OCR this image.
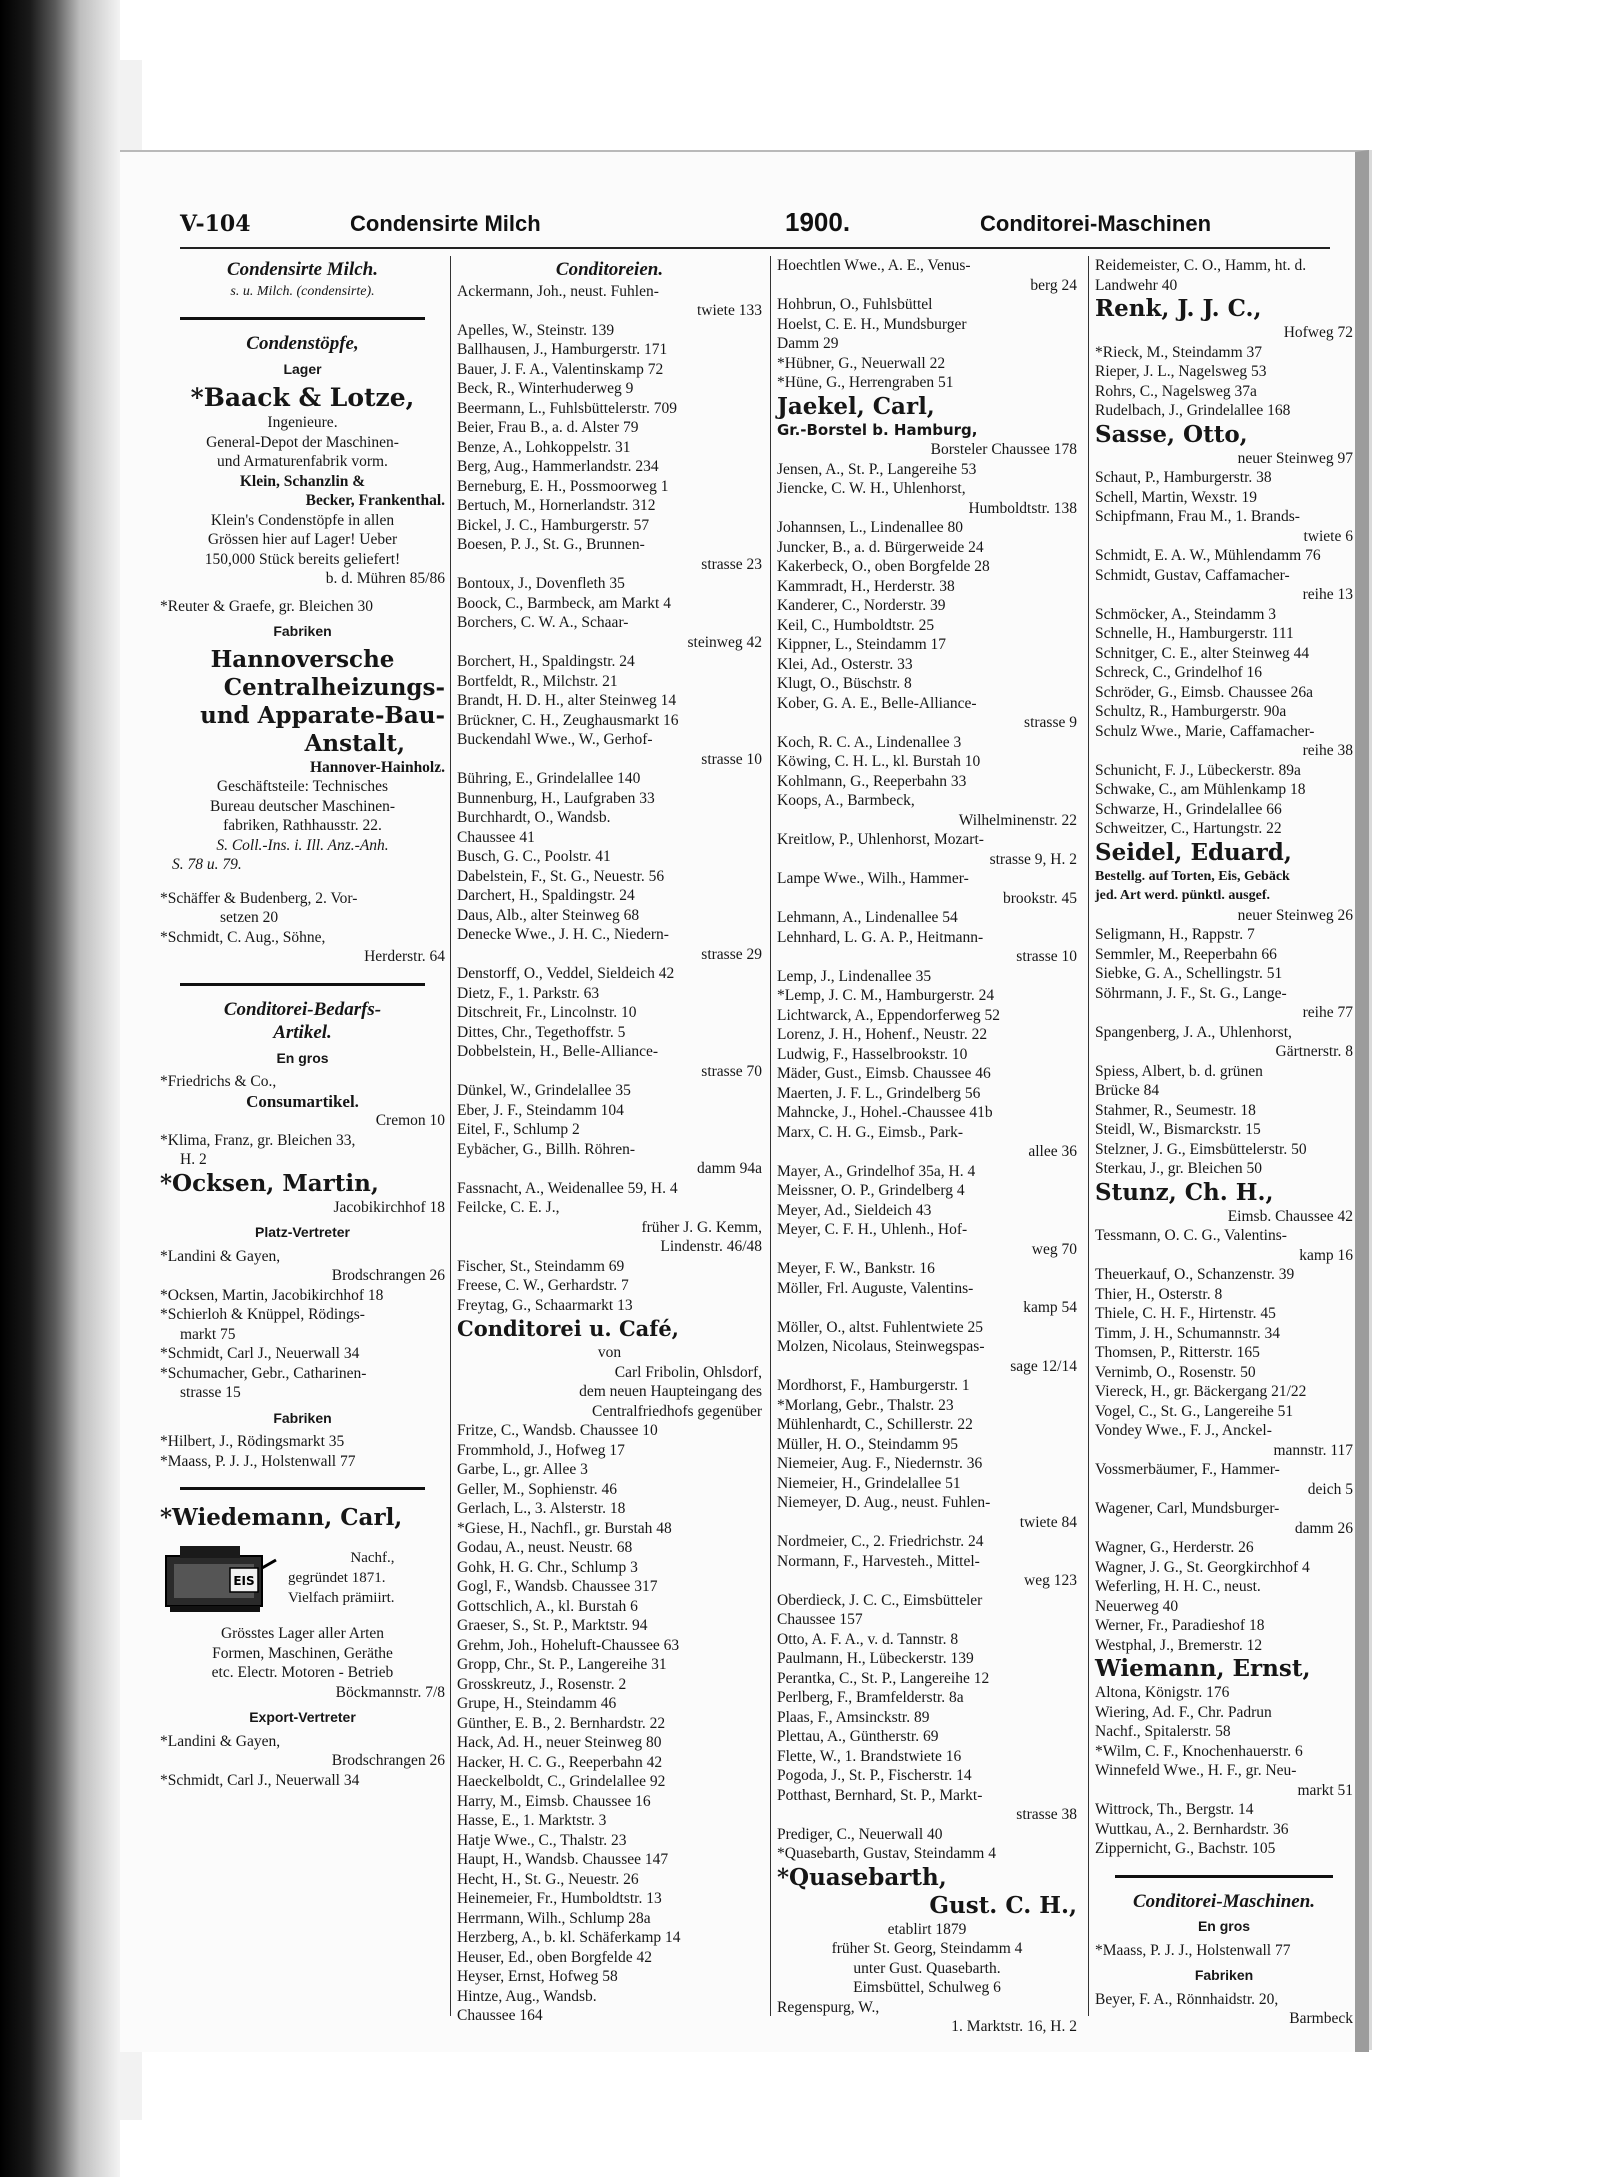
V-104	Condensirte Milch	1900.	Conditorei-Maschinen
Condensirte Milch.
s. u. Milch. (condensirte).
Condenstöpfe,
Lager
*Baack & Lotze,
Ingenieure.
General-Depot der Maschinen-
und Armaturenfabrik vorm.
Klein, Schanzlin &
Becker, Frankenthal.
Klein's Condenstöpfe in allen
Grössen hier auf Lager! Ueber
150,000 Stück bereits geliefert!
b. d. Mühren 85/86
*Reuter & Graefe, gr. Bleichen 30
Fabriken
Hannoversche
Centralheizungs-
und Apparate-Bau-
Anstalt,
Hannover-Hainholz.
Geschäftsteile: Technisches
Bureau deutscher Maschinen-
fabriken, Rathhausstr. 22.
S. Coll.-Ins. i. Ill. Anz.-Anh.
S. 78 u. 79.
*Schäffer & Budenberg, 2. Vor-
setzen 20
*Schmidt, C. Aug., Söhne,
Herderstr. 64
Conditorei-Bedarfs-
Artikel.
En gros
*Friedrichs & Co.,
Consumartikel.
Cremon 10
*Klima, Franz, gr. Bleichen 33,
H. 2
*Ocksen, Martin,
Jacobikirchhof 18
Platz-Vertreter
*Landini & Gayen,
Brodschrangen 26
*Ocksen, Martin, Jacobikirchhof 18
*Schierloh & Knüppel, Rödings-
markt 75
*Schmidt, Carl J., Neuerwall 34
*Schumacher, Gebr., Catharinen-
strasse 15
Fabriken
*Hilbert, J., Rödingsmarkt 35
*Maass, P. J. J., Holstenwall 77
*Wiedemann, Carl,
EIS
Nachf.,
gegründet 1871.
Vielfach prämiirt.
Grösstes Lager aller Arten
Formen, Maschinen, Geräthe
etc. Electr. Motoren - Betrieb
Böckmannstr. 7/8
Export-Vertreter
*Landini & Gayen,
Brodschrangen 26
*Schmidt, Carl J., Neuerwall 34
Conditoreien.
Ackermann, Joh., neust. Fuhlen-
twiete 133
Apelles, W., Steinstr. 139
Ballhausen, J., Hamburgerstr. 171
Bauer, J. F. A., Valentinskamp 72
Beck, R., Winterhuderweg 9
Beermann, L., Fuhlsbüttelerstr. 709
Beier, Frau B., a. d. Alster 79
Benze, A., Lohkoppelstr. 31
Berg, Aug., Hammerlandstr. 234
Berneburg, E. H., Possmoorweg 1
Bertuch, M., Hornerlandstr. 312
Bickel, J. C., Hamburgerstr. 57
Boesen, P. J., St. G., Brunnen-
strasse 23
Bontoux, J., Dovenfleth 35
Boock, C., Barmbeck, am Markt 4
Borchers, C. W. A., Schaar-
steinweg 42
Borchert, H., Spaldingstr. 24
Bortfeldt, R., Milchstr. 21
Brandt, H. D. H., alter Steinweg 14
Brückner, C. H., Zeughausmarkt 16
Buckendahl Wwe., W., Gerhof-
strasse 10
Bühring, E., Grindelallee 140
Bunnenburg, H., Laufgraben 33
Burchhardt, O., Wandsb.
Chaussee 41
Busch, G. C., Poolstr. 41
Dabelstein, F., St. G., Neuestr. 56
Darchert, H., Spaldingstr. 24
Daus, Alb., alter Steinweg 68
Denecke Wwe., J. H. C., Niedern-
strasse 29
Denstorff, O., Veddel, Sieldeich 42
Dietz, F., 1. Parkstr. 63
Ditschreit, Fr., Lincolnstr. 10
Dittes, Chr., Tegethoffstr. 5
Dobbelstein, H., Belle-Alliance-
strasse 70
Dünkel, W., Grindelallee 35
Eber, J. F., Steindamm 104
Eitel, F., Schlump 2
Eybächer, G., Billh. Röhren-
damm 94a
Fassnacht, A., Weidenallee 59, H. 4
Feilcke, C. E. J.,
früher J. G. Kemm,
Lindenstr. 46/48
Fischer, St., Steindamm 69
Freese, C. W., Gerhardstr. 7
Freytag, G., Schaarmarkt 13
Conditorei u. Café,
von
Carl Fribolin, Ohlsdorf,
dem neuen Haupteingang des
Centralfriedhofs gegenüber
Fritze, C., Wandsb. Chaussee 10
Frommhold, J., Hofweg 17
Garbe, L., gr. Allee 3
Geller, M., Sophienstr. 46
Gerlach, L., 3. Alsterstr. 18
*Giese, H., Nachfl., gr. Burstah 48
Godau, A., neust. Neustr. 68
Gohk, H. G. Chr., Schlump 3
Gogl, F., Wandsb. Chaussee 317
Gottschlich, A., kl. Burstah 6
Graeser, S., St. P., Marktstr. 94
Grehm, Joh., Hoheluft-Chaussee 63
Gropp, Chr., St. P., Langereihe 31
Grosskreutz, J., Rosenstr. 2
Grupe, H., Steindamm 46
Günther, E. B., 2. Bernhardstr. 22
Hack, Ad. H., neuer Steinweg 80
Hacker, H. C. G., Reeperbahn 42
Haeckelboldt, C., Grindelallee 92
Harry, M., Eimsb. Chaussee 16
Hasse, E., 1. Marktstr. 3
Hatje Wwe., C., Thalstr. 23
Haupt, H., Wandsb. Chaussee 147
Hecht, H., St. G., Neuestr. 26
Heinemeier, Fr., Humboldtstr. 13
Herrmann, Wilh., Schlump 28a
Herzberg, A., b. kl. Schäferkamp 14
Heuser, Ed., oben Borgfelde 42
Heyser, Ernst, Hofweg 58
Hintze, Aug., Wandsb.
Chaussee 164
Hoechtlen Wwe., A. E., Venus-
berg 24
Hohbrun, O., Fuhlsbüttel
Hoelst, C. E. H., Mundsburger
Damm 29
*Hübner, G., Neuerwall 22
*Hüne, G., Herrengraben 51
Jaekel, Carl,
Gr.-Borstel b. Hamburg,
Borsteler Chaussee 178
Jensen, A., St. P., Langereihe 53
Jiencke, C. W. H., Uhlenhorst,
Humboldtstr. 138
Johannsen, L., Lindenallee 80
Juncker, B., a. d. Bürgerweide 24
Kakerbeck, O., oben Borgfelde 28
Kammradt, H., Herderstr. 38
Kanderer, C., Norderstr. 39
Keil, C., Humboldtstr. 25
Kippner, L., Steindamm 17
Klei, Ad., Osterstr. 33
Klugt, O., Büschstr. 8
Kober, G. A. E., Belle-Alliance-
strasse 9
Koch, R. C. A., Lindenallee 3
Köwing, C. H. L., kl. Burstah 10
Kohlmann, G., Reeperbahn 33
Koops, A., Barmbeck,
Wilhelminenstr. 22
Kreitlow, P., Uhlenhorst, Mozart-
strasse 9, H. 2
Lampe Wwe., Wilh., Hammer-
brookstr. 45
Lehmann, A., Lindenallee 54
Lehnhard, L. G. A. P., Heitmann-
strasse 10
Lemp, J., Lindenallee 35
*Lemp, J. C. M., Hamburgerstr. 24
Lichtwarck, A., Eppendorferweg 52
Lorenz, J. H., Hohenf., Neustr. 22
Ludwig, F., Hasselbrookstr. 10
Mäder, Gust., Eimsb. Chaussee 46
Maerten, J. F. L., Grindelberg 56
Mahncke, J., Hohel.-Chaussee 41b
Marx, C. H. G., Eimsb., Park-
allee 36
Mayer, A., Grindelhof 35a, H. 4
Meissner, O. P., Grindelberg 4
Meyer, Ad., Sieldeich 43
Meyer, C. F. H., Uhlenh., Hof-
weg 70
Meyer, F. W., Bankstr. 16
Möller, Frl. Auguste, Valentins-
kamp 54
Möller, O., altst. Fuhlentwiete 25
Molzen, Nicolaus, Steinwegspas-
sage 12/14
Mordhorst, F., Hamburgerstr. 1
*Morlang, Gebr., Thalstr. 23
Mühlenhardt, C., Schillerstr. 22
Müller, H. O., Steindamm 95
Niemeier, Aug. F., Niedernstr. 36
Niemeier, H., Grindelallee 51
Niemeyer, D. Aug., neust. Fuhlen-
twiete 84
Nordmeier, C., 2. Friedrichstr. 24
Normann, F., Harvesteh., Mittel-
weg 123
Oberdieck, J. C. C., Eimsbütteler
Chaussee 157
Otto, A. F. A., v. d. Tannstr. 8
Paulmann, H., Lübeckerstr. 139
Perantka, C., St. P., Langereihe 12
Perlberg, F., Bramfelderstr. 8a
Plaas, F., Amsinckstr. 89
Plettau, A., Güntherstr. 69
Flette, W., 1. Brandstwiete 16
Pogoda, J., St. P., Fischerstr. 14
Potthast, Bernhard, St. P., Markt-
strasse 38
Prediger, C., Neuerwall 40
*Quasebarth, Gustav, Steindamm 4
*Quasebarth,
Gust. C. H.,
etablirt 1879
früher St. Georg, Steindamm 4
unter Gust. Quasebarth.
Eimsbüttel, Schulweg 6
Regenspurg, W.,
1. Marktstr. 16, H. 2
Reidemeister, C. O., Hamm, ht. d.
Landwehr 40
Renk, J. J. C.,
Hofweg 72
*Rieck, M., Steindamm 37
Rieper, J. L., Nagelsweg 53
Rohrs, C., Nagelsweg 37a
Rudelbach, J., Grindelallee 168
Sasse, Otto,
neuer Steinweg 97
Schaut, P., Hamburgerstr. 38
Schell, Martin, Wexstr. 19
Schipfmann, Frau M., 1. Brands-
twiete 6
Schmidt, E. A. W., Mühlendamm 76
Schmidt, Gustav, Caffamacher-
reihe 13
Schmöcker, A., Steindamm 3
Schnelle, H., Hamburgerstr. 111
Schnitger, C. E., alter Steinweg 44
Schreck, C., Grindelhof 16
Schröder, G., Eimsb. Chaussee 26a
Schultz, R., Hamburgerstr. 90a
Schulz Wwe., Marie, Caffamacher-
reihe 38
Schunicht, F. J., Lübeckerstr. 89a
Schwake, C., am Mühlenkamp 18
Schwarze, H., Grindelallee 66
Schweitzer, C., Hartungstr. 22
Seidel, Eduard,
Bestellg. auf Torten, Eis, Gebäck
jed. Art werd. pünktl. ausgef.
neuer Steinweg 26
Seligmann, H., Rappstr. 7
Semmler, M., Reeperbahn 66
Siebke, G. A., Schellingstr. 51
Söhrmann, J. F., St. G., Lange-
reihe 77
Spangenberg, J. A., Uhlenhorst,
Gärtnerstr. 8
Spiess, Albert, b. d. grünen
Brücke 84
Stahmer, R., Seumestr. 18
Steidl, W., Bismarckstr. 15
Stelzner, J. G., Eimsbüttelerstr. 50
Sterkau, J., gr. Bleichen 50
Stunz, Ch. H.,
Eimsb. Chaussee 42
Tessmann, O. C. G., Valentins-
kamp 16
Theuerkauf, O., Schanzenstr. 39
Thier, H., Osterstr. 8
Thiele, C. H. F., Hirtenstr. 45
Timm, J. H., Schumannstr. 34
Thomsen, P., Ritterstr. 165
Vernimb, O., Rosenstr. 50
Viereck, H., gr. Bäckergang 21/22
Vogel, C., St. G., Langereihe 51
Vondey Wwe., F. J., Anckel-
mannstr. 117
Vossmerbäumer, F., Hammer-
deich 5
Wagener, Carl, Mundsburger-
damm 26
Wagner, G., Herderstr. 26
Wagner, J. G., St. Georgkirchhof 4
Weferling, H. H. C., neust.
Neuerweg 40
Werner, Fr., Paradieshof 18
Westphal, J., Bremerstr. 12
Wiemann, Ernst,
Altona, Königstr. 176
Wiering, Ad. F., Chr. Padrun
Nachf., Spitalerstr. 58
*Wilm, C. F., Knochenhauerstr. 6
Winnefeld Wwe., H. F., gr. Neu-
markt 51
Wittrock, Th., Bergstr. 14
Wuttkau, A., 2. Bernhardstr. 36
Zippernicht, G., Bachstr. 105
Conditorei-Maschinen.
En gros
*Maass, P. J. J., Holstenwall 77
Fabriken
Beyer, F. A., Rönnhaidstr. 20,
Barmbeck
